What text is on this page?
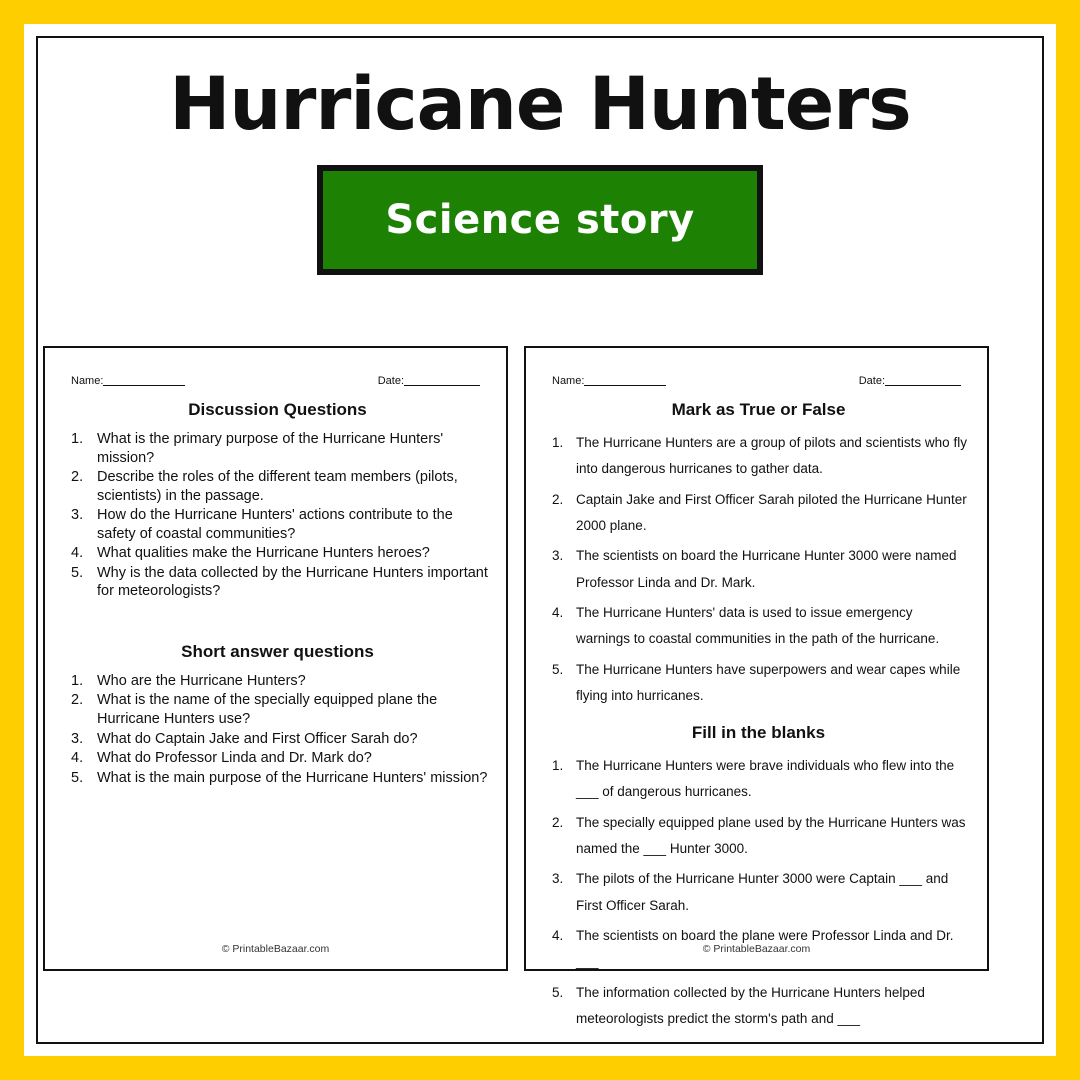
Hurricane Hunters
Science story
Name:	Date:
Discussion Questions
1. What is the primary purpose of the Hurricane Hunters' mission?
2. Describe the roles of the different team members (pilots, scientists) in the passage.
3. How do the Hurricane Hunters' actions contribute to the safety of coastal communities?
4. What qualities make the Hurricane Hunters heroes?
5. Why is the data collected by the Hurricane Hunters important for meteorologists?
Short answer questions
1. Who are the Hurricane Hunters?
2. What is the name of the specially equipped plane the Hurricane Hunters use?
3. What do Captain Jake and First Officer Sarah do?
4. What do Professor Linda and Dr. Mark do?
5. What is the main purpose of the Hurricane Hunters' mission?
© PrintableBazaar.com
Name:	Date:
Mark as True or False
1. The Hurricane Hunters are a group of pilots and scientists who fly into dangerous hurricanes to gather data.
2. Captain Jake and First Officer Sarah piloted the Hurricane Hunter 2000 plane.
3. The scientists on board the Hurricane Hunter 3000 were named Professor Linda and Dr. Mark.
4. The Hurricane Hunters' data is used to issue emergency warnings to coastal communities in the path of the hurricane.
5. The Hurricane Hunters have superpowers and wear capes while flying into hurricanes.
Fill in the blanks
1. The Hurricane Hunters were brave individuals who flew into the ___ of dangerous hurricanes.
2. The specially equipped plane used by the Hurricane Hunters was named the ___ Hunter 3000.
3. The pilots of the Hurricane Hunter 3000 were Captain ___ and First Officer Sarah.
4. The scientists on board the plane were Professor Linda and Dr. ___
5. The information collected by the Hurricane Hunters helped meteorologists predict the storm's path and ___
© PrintableBazaar.com
